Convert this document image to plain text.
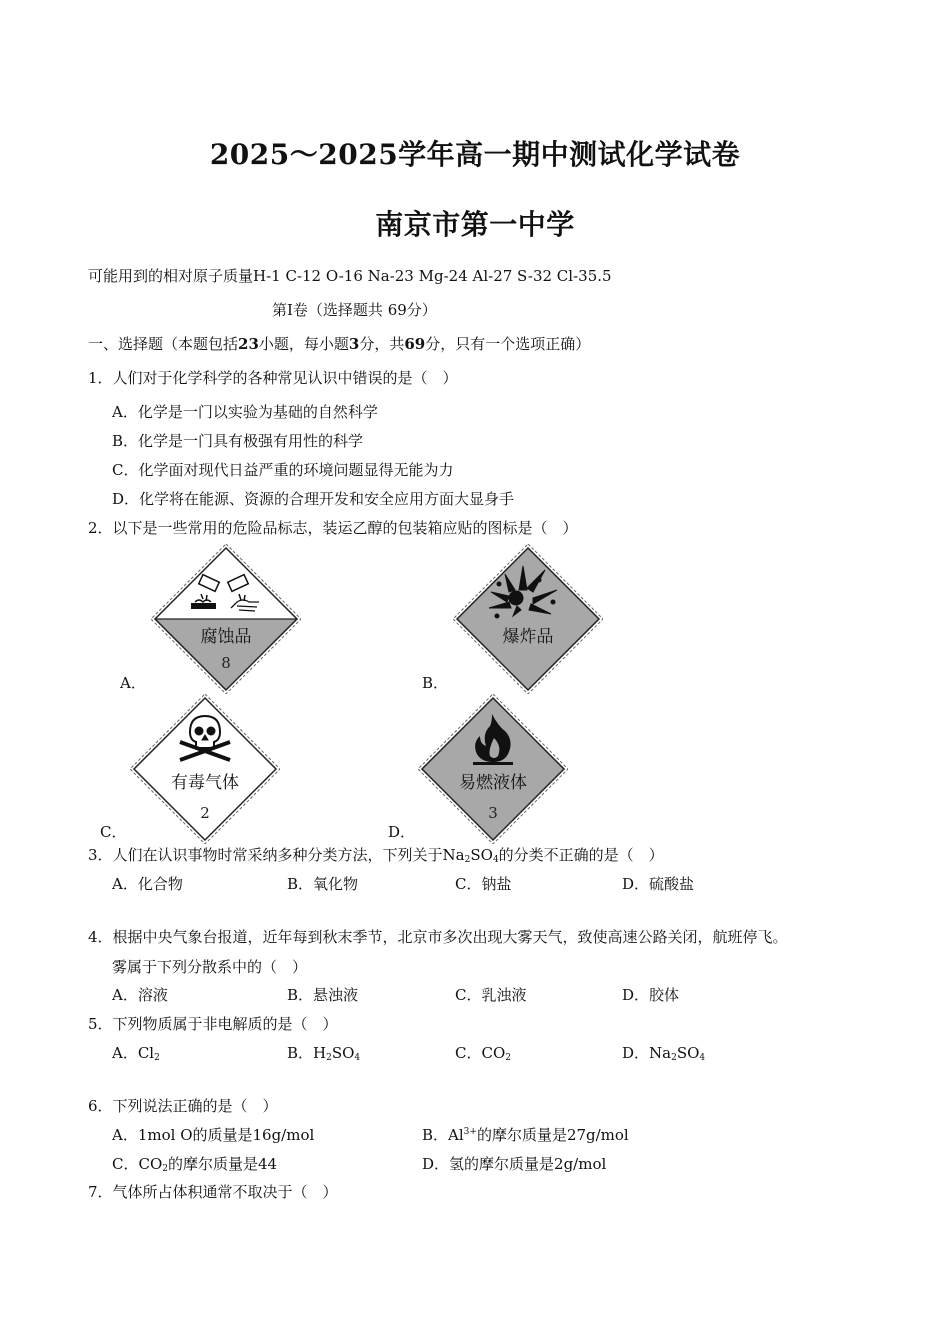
2025～2025学年高一期中测试化学试卷
南京市第一中学
可能用到的相对原子质量H-1 C-12 O-16 Na-23 Mg-24 Al-27 S-32 Cl-35.5
第Ⅰ卷（选择题共 69分）
一、选择题（本题包括23小题，每小题3分，共69分，只有一个选项正确）
1．人们对于化学科学的各种常见认识中错误的是（　）
A．化学是一门以实验为基础的自然科学
B．化学是一门具有极强有用性的科学
C．化学面对现代日益严重的环境问题显得无能为力
D．化学将在能源、资源的合理开发和安全应用方面大显身手
2．以下是一些常用的危险品标志，装运乙醇的包装箱应贴的图标是（　）
腐蚀品
8
A．
爆炸品
B．
有毒气体
2
C．
易燃液体
3
D．
3．人们在认识事物时常采纳多种分类方法，下列关于$Na_2SO_4$的分类不正确的是（　）
A．化合物	B．氧化物	C．钠盐	D．硫酸盐
4．根据中央气象台报道，近年每到秋末季节，北京市多次出现大雾天气，致使高速公路关闭，航班停飞。
雾属于下列分散系中的（　）
A．溶液	B．悬浊液	C．乳浊液	D．胶体
5．下列物质属于非电解质的是（　）
A．$Cl_2$	B．$H_2SO_4$	C．$CO_2$	D．$Na_2SO_4$
6．下列说法正确的是（　）
A．1mol O的质量是16g/mol	B．$Al^{3+}$的摩尔质量是27g/mol
C．$CO_2$的摩尔质量是44	D．氢的摩尔质量是2g/mol
7．气体所占体积通常不取决于（　）
